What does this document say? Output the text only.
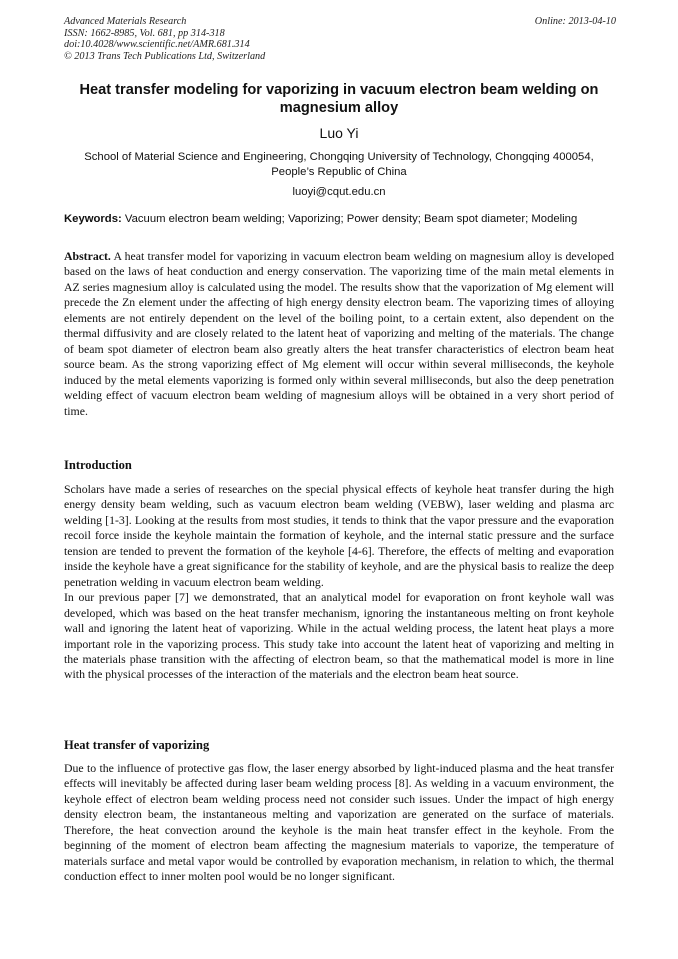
Advanced Materials Research
ISSN: 1662-8985, Vol. 681, pp 314-318
doi:10.4028/www.scientific.net/AMR.681.314
© 2013 Trans Tech Publications Ltd, Switzerland
Online: 2013-04-10
Heat transfer modeling for vaporizing in vacuum electron beam welding on magnesium alloy
Luo Yi
School of Material Science and Engineering, Chongqing University of Technology, Chongqing 400054, People’s Republic of China
luoyi@cqut.edu.cn
Keywords: Vacuum electron beam welding; Vaporizing; Power density; Beam spot diameter; Modeling
Abstract. A heat transfer model for vaporizing in vacuum electron beam welding on magnesium alloy is developed based on the laws of heat conduction and energy conservation. The vaporizing time of the main metal elements in AZ series magnesium alloy is calculated using the model. The results show that the vaporization of Mg element will precede the Zn element under the affecting of high energy density electron beam. The vaporizing times of alloying elements are not entirely dependent on the level of the boiling point, to a certain extent, also dependent on the thermal diffusivity and are closely related to the latent heat of vaporizing and melting of the materials. The change of beam spot diameter of electron beam also greatly alters the heat transfer characteristics of electron beam heat source beam. As the strong vaporizing effect of Mg element will occur within several milliseconds, the keyhole induced by the metal elements vaporizing is formed only within several milliseconds, but also the deep penetration welding effect of vacuum electron beam welding of magnesium alloys will be obtained in a very short period of time.
Introduction

Scholars have made a series of researches on the special physical effects of keyhole heat transfer during the high energy density beam welding, such as vacuum electron beam welding (VEBW), laser welding and plasma arc welding [1-3]. Looking at the results from most studies, it tends to think that the vapor pressure and the evaporation recoil force inside the keyhole maintain the formation of keyhole, and the internal static pressure and the surface tension are tended to prevent the formation of the keyhole [4-6]. Therefore, the effects of melting and evaporation inside the keyhole have a great significance for the stability of keyhole, and are the physical basis to realize the deep penetration welding in vacuum electron beam welding.

In our previous paper [7] we demonstrated, that an analytical model for evaporation on front keyhole wall was developed, which was based on the heat transfer mechanism, ignoring the instantaneous melting on front keyhole wall and ignoring the latent heat of vaporizing. While in the actual welding process, the latent heat plays a more important role in the vaporizing process. This study take into account the latent heat of vaporizing and melting in the materials phase transition with the affecting of electron beam, so that the mathematical model is more in line with the physical processes of the interaction of the materials and the electron beam heat source.

Heat transfer of vaporizing

Due to the influence of protective gas flow, the laser energy absorbed by light-induced plasma and the heat transfer effects will inevitably be affected during laser beam welding process [8]. As welding in a vacuum environment, the keyhole effect of electron beam welding process need not consider such issues. Under the impact of high energy density electron beam, the instantaneous melting and vaporization are generated on the surface of materials. Therefore, the heat convection around the keyhole is the main heat transfer effect in the keyhole. From the beginning of the moment of electron beam affecting the magnesium materials to vaporize, the temperature of materials surface and metal vapor would be controlled by evaporation mechanism, in relation to which, the thermal conduction effect to inner molten pool would be no longer significant.
